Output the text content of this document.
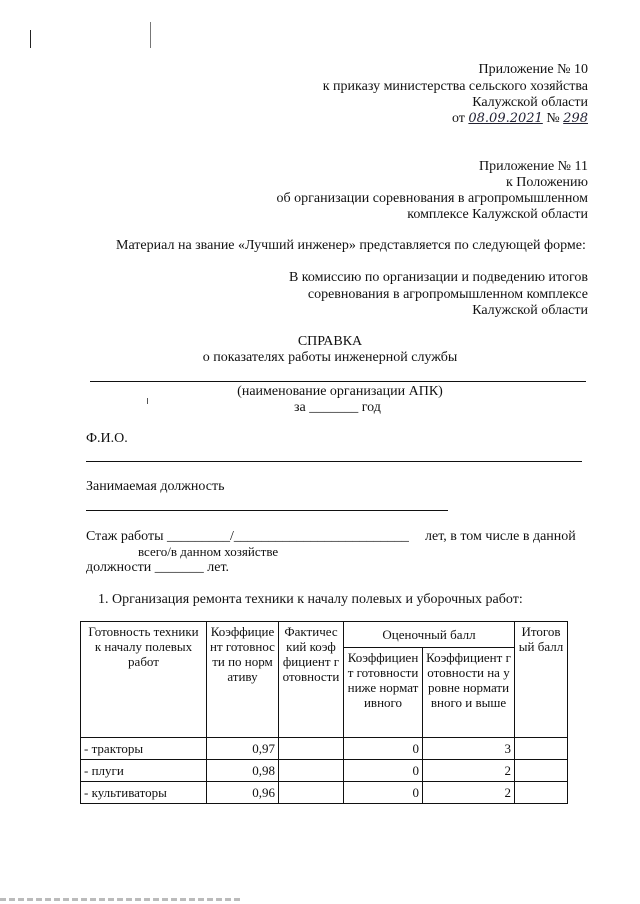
Приложение № 10
к приказу министерства сельского хозяйства
Калужской области
от 08.09.2021 № 298
Приложение № 11
к Положению
об организации соревнования в агропромышленном
комплексе Калужской области
Материал на звание «Лучший инженер» представляется по следующей форме:
В комиссию по организации и подведению итогов
соревнования в агропромышленном комплексе
Калужской области
СПРАВКА
о показателях работы инженерной службы
(наименование организации АПК)
за _______ год
Ф.И.О.
Занимаемая должность
Стаж работы _________/_________________________ лет, в том числе в данной
всего/в данном хозяйстве
должности _______ лет.
1. Организация ремонта техники к началу полевых и уборочных работ:
Готовность техники к началу полевых работ	Коэффициент готовности по нормативу	Фактический коэффициент готовности	Оценочный балл		Итоговый балл
			Коэффициент готовности ниже нормативного	Коэффициент готовности на уровне нормативного и выше	
- тракторы	0,97		0	3	
- плуги	0,98		0	2	
- культиваторы	0,96		0	2	
